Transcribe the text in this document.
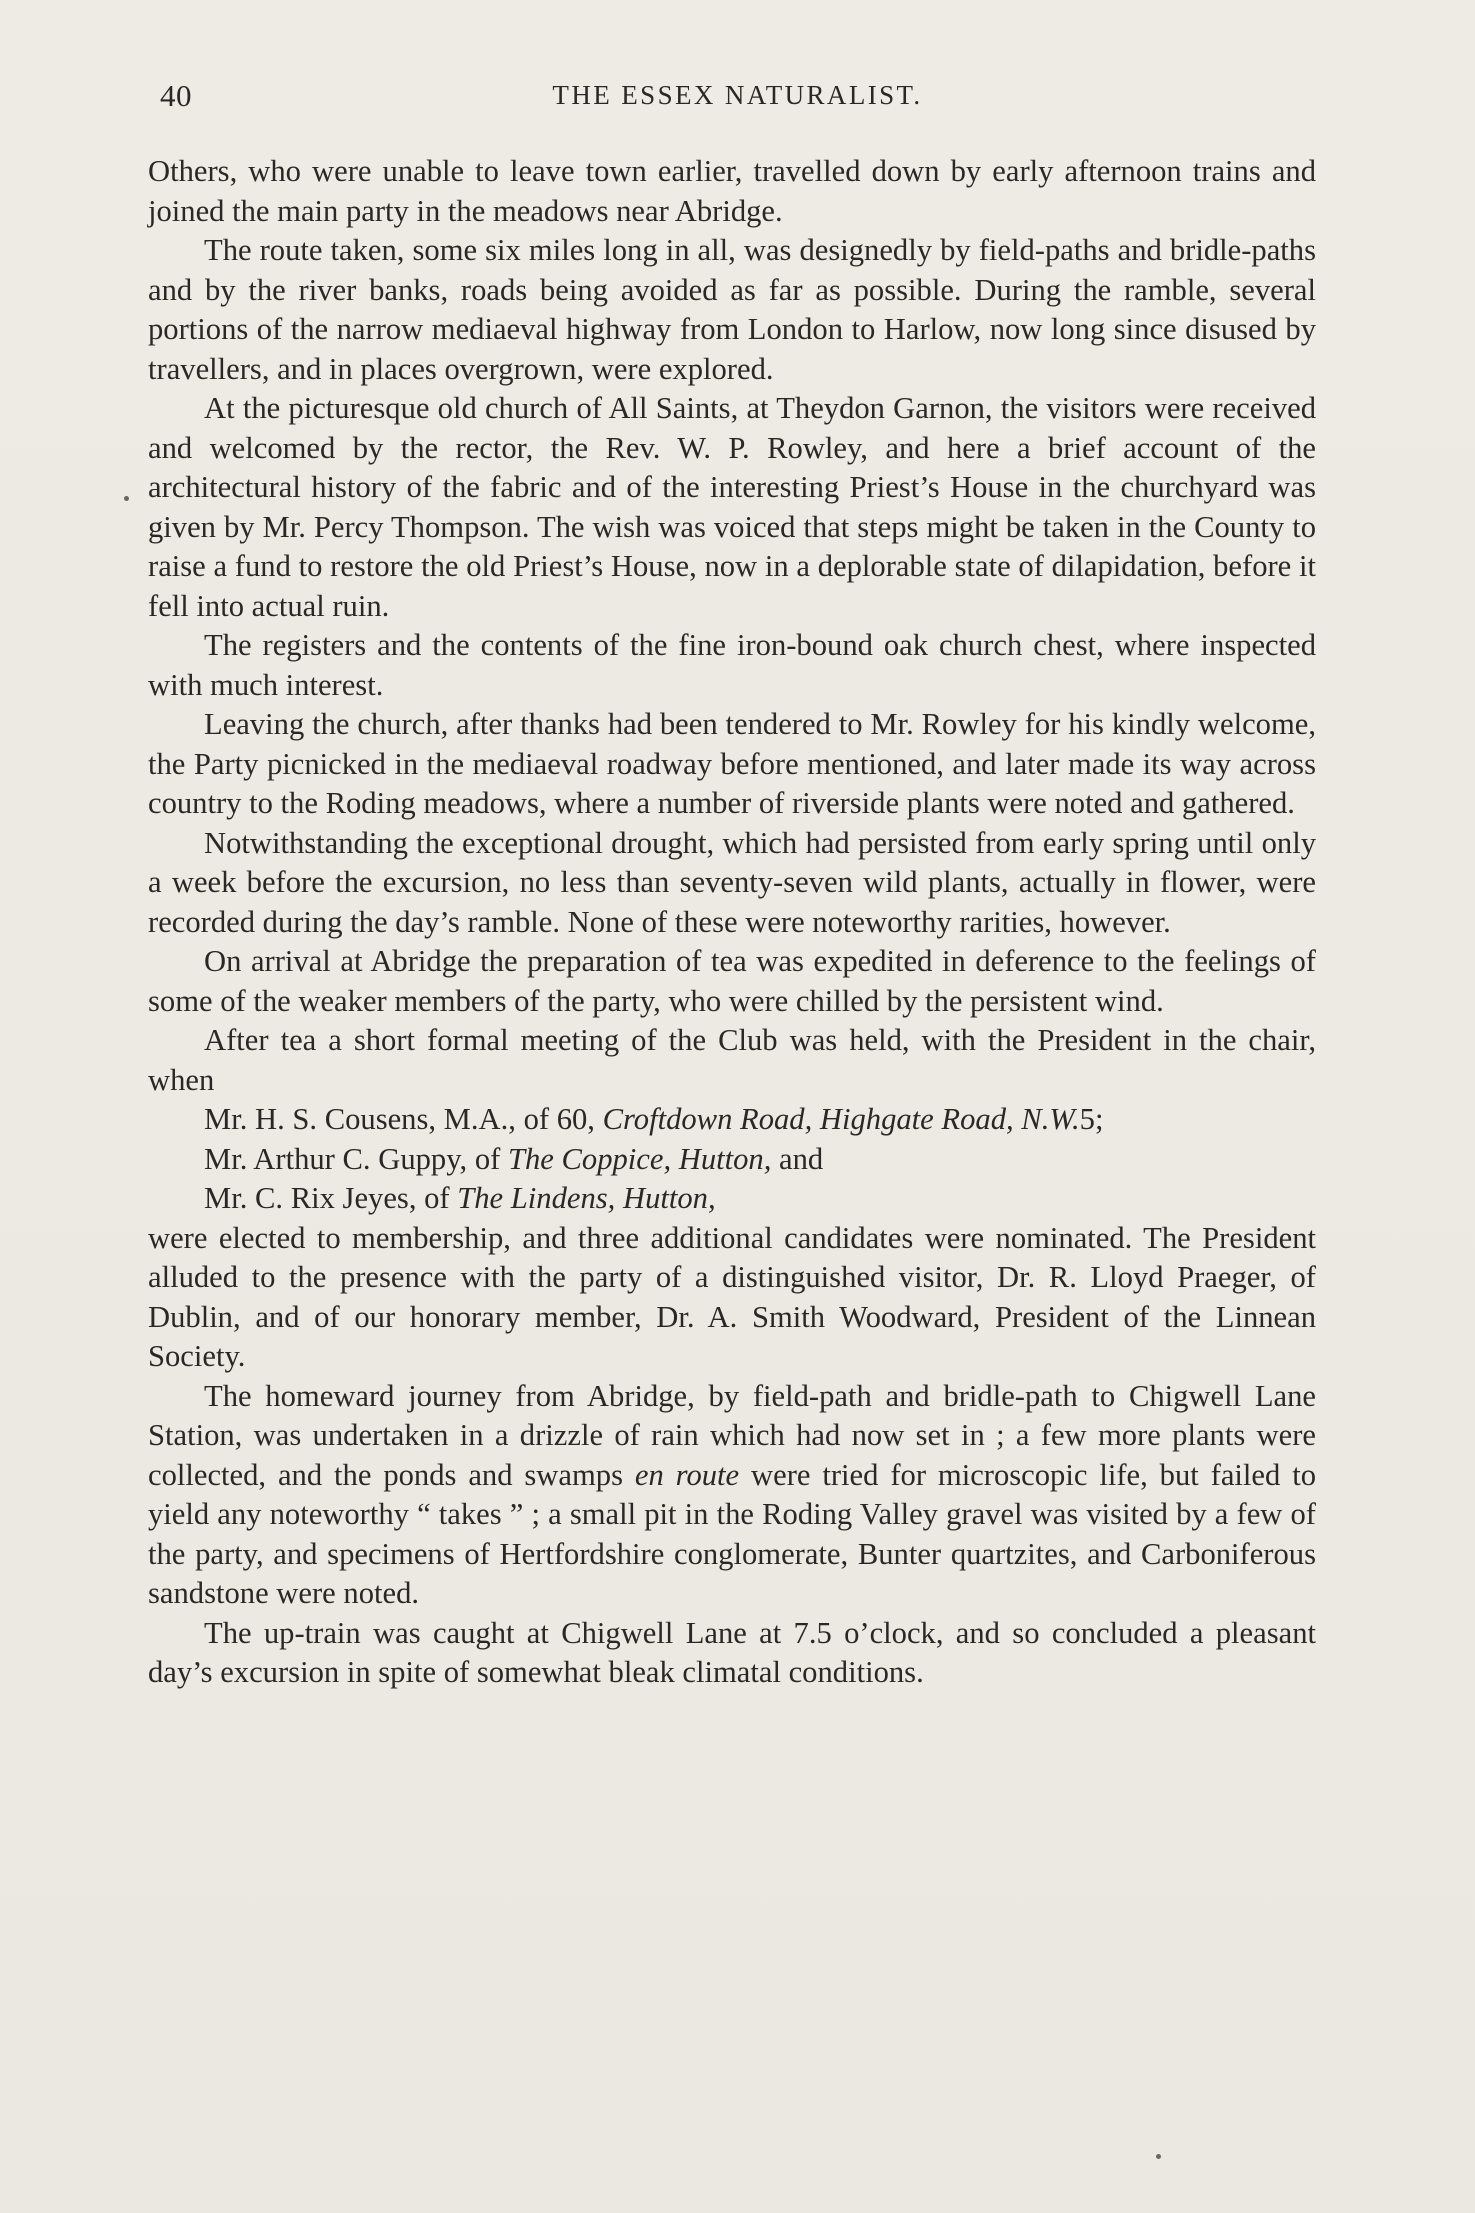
40	THE ESSEX NATURALIST.

Others, who were unable to leave town earlier, travelled down by early afternoon trains and joined the main party in the meadows near Abridge.

The route taken, some six miles long in all, was designedly by field-paths and bridle-paths and by the river banks, roads being avoided as far as possible. During the ramble, several portions of the narrow mediaeval highway from London to Harlow, now long since disused by travellers, and in places overgrown, were explored.

At the picturesque old church of All Saints, at Theydon Garnon, the visitors were received and welcomed by the rector, the Rev. W. P. Rowley, and here a brief account of the architectural history of the fabric and of the interesting Priest’s House in the churchyard was given by Mr. Percy Thompson. The wish was voiced that steps might be taken in the County to raise a fund to restore the old Priest’s House, now in a deplorable state of dilapidation, before it fell into actual ruin.

The registers and the contents of the fine iron-bound oak church chest, where inspected with much interest.

Leaving the church, after thanks had been tendered to Mr. Rowley for his kindly welcome, the Party picnicked in the mediaeval roadway before mentioned, and later made its way across country to the Roding meadows, where a number of riverside plants were noted and gathered.

Notwithstanding the exceptional drought, which had persisted from early spring until only a week before the excursion, no less than seventy-seven wild plants, actually in flower, were recorded during the day’s ramble. None of these were noteworthy rarities, however.

On arrival at Abridge the preparation of tea was expedited in deference to the feelings of some of the weaker members of the party, who were chilled by the persistent wind.

After tea a short formal meeting of the Club was held, with the President in the chair, when

Mr. H. S. Cousens, M.A., of 60, Croftdown Road, Highgate Road, N.W.5;

Mr. Arthur C. Guppy, of The Coppice, Hutton, and

Mr. C. Rix Jeyes, of The Lindens, Hutton,

were elected to membership, and three additional candidates were nominated. The President alluded to the presence with the party of a distinguished visitor, Dr. R. Lloyd Praeger, of Dublin, and of our honorary member, Dr. A. Smith Woodward, President of the Linnean Society.

The homeward journey from Abridge, by field-path and bridle-path to Chigwell Lane Station, was undertaken in a drizzle of rain which had now set in ; a few more plants were collected, and the ponds and swamps en route were tried for microscopic life, but failed to yield any noteworthy “ takes ” ; a small pit in the Roding Valley gravel was visited by a few of the party, and specimens of Hertfordshire conglomerate, Bunter quartzites, and Carboniferous sandstone were noted.

The up-train was caught at Chigwell Lane at 7.5 o’clock, and so concluded a pleasant day’s excursion in spite of somewhat bleak climatal conditions.
